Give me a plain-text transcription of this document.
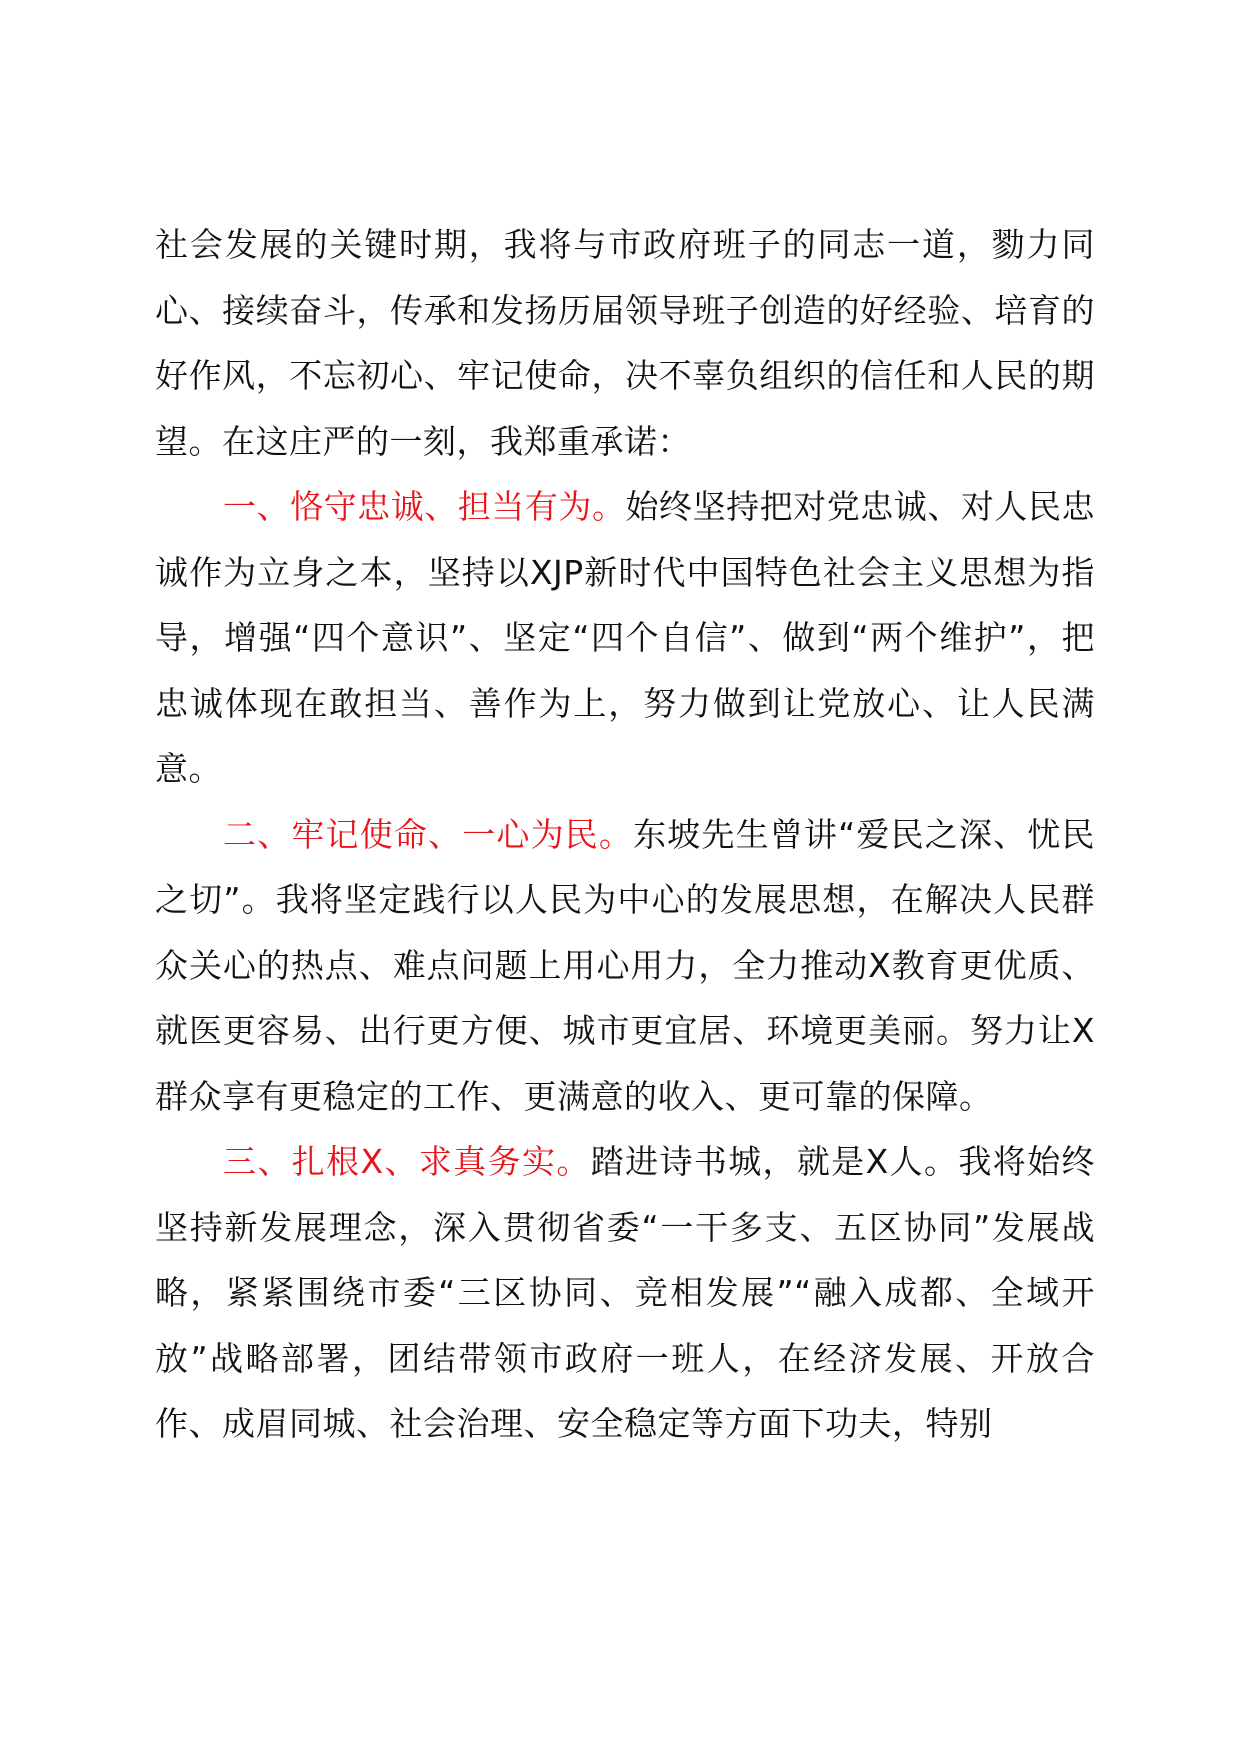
社会发展的关键时期，我将与市政府班子的同志一道，勠力同心、接续奋斗，传承和发扬历届领导班子创造的好经验、培育的好作风，不忘初心、牢记使命，决不辜负组织的信任和人民的期望。在这庄严的一刻，我郑重承诺：

一、恪守忠诚、担当有为。始终坚持把对党忠诚、对人民忠诚作为立身之本，坚持以XJP新时代中国特色社会主义思想为指导，增强“四个意识”、坚定“四个自信”、做到“两个维护”，把忠诚体现在敢担当、善作为上，努力做到让党放心、让人民满意。

二、牢记使命、一心为民。东坡先生曾讲“爱民之深、忧民之切”。我将坚定践行以人民为中心的发展思想，在解决人民群众关心的热点、难点问题上用心用力，全力推动X教育更优质、就医更容易、出行更方便、城市更宜居、环境更美丽。努力让X群众享有更稳定的工作、更满意的收入、更可靠的保障。

三、扎根X、求真务实。踏进诗书城，就是X人。我将始终坚持新发展理念，深入贯彻省委“一干多支、五区协同”发展战略，紧紧围绕市委“三区协同、竞相发展”“融入成都、全域开放”战略部署，团结带领市政府一班人，在经济发展、开放合作、成眉同城、社会治理、安全稳定等方面下功夫，特别
